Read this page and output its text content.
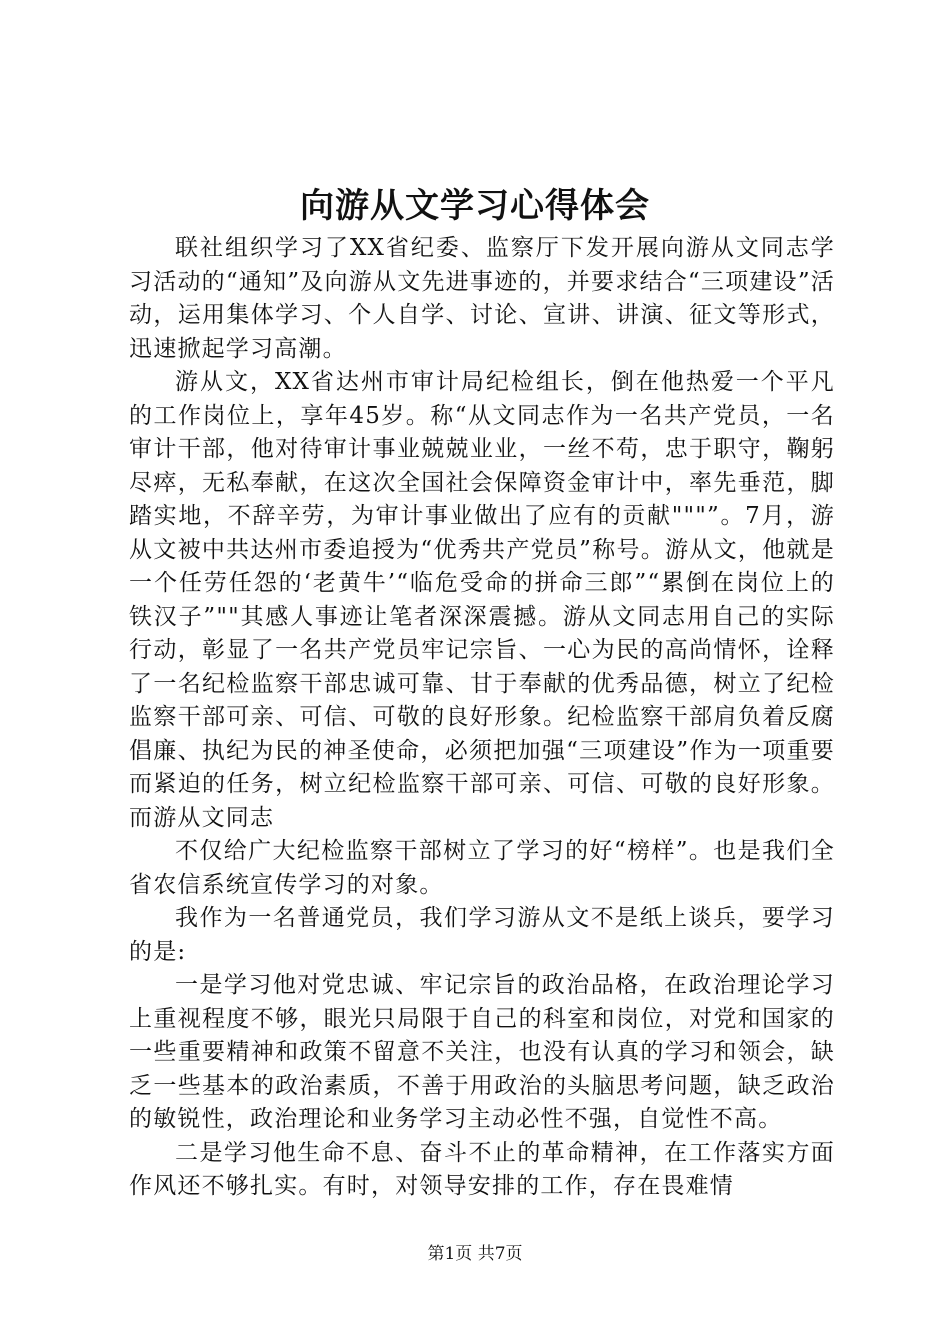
向游从文学习心得体会

联社组织学习了XX省纪委、监察厅下发开展向游从文同志学习活动的“通知”及向游从文先进事迹的，并要求结合“三项建设”活动，运用集体学习、个人自学、讨论、宣讲、讲演、征文等形式，迅速掀起学习高潮。

游从文，XX省达州市审计局纪检组长，倒在他热爱一个平凡的工作岗位上，享年45岁。称“从文同志作为一名共产党员，一名审计干部，他对待审计事业兢兢业业，一丝不苟，忠于职守，鞠躬尽瘁，无私奉献，在这次全国社会保障资金审计中，率先垂范，脚踏实地，不辞辛劳，为审计事业做出了应有的贡献"""”。7月，游从文被中共达州市委追授为“优秀共产党员”称号。游从文，他就是一个任劳任怨的‘老黄牛’“临危受命的拼命三郎”“累倒在岗位上的铁汉子”""其感人事迹让笔者深深震撼。游从文同志用自己的实际行动，彰显了一名共产党员牢记宗旨、一心为民的高尚情怀，诠释了一名纪检监察干部忠诚可靠、甘于奉献的优秀品德，树立了纪检监察干部可亲、可信、可敬的良好形象。纪检监察干部肩负着反腐倡廉、执纪为民的神圣使命，必须把加强“三项建设”作为一项重要而紧迫的任务，树立纪检监察干部可亲、可信、可敬的良好形象。而游从文同志

不仅给广大纪检监察干部树立了学习的好“榜样”。也是我们全省农信系统宣传学习的对象。

我作为一名普通党员，我们学习游从文不是纸上谈兵，要学习的是:

一是学习他对党忠诚、牢记宗旨的政治品格，在政治理论学习上重视程度不够，眼光只局限于自己的科室和岗位，对党和国家的一些重要精神和政策不留意不关注，也没有认真的学习和领会，缺乏一些基本的政治素质，不善于用政治的头脑思考问题，缺乏政治的敏锐性，政治理论和业务学习主动必性不强，自觉性不高。

二是学习他生命不息、奋斗不止的革命精神，在工作落实方面作风还不够扎实。有时，对领导安排的工作，存在畏难情

第1页 共7页
